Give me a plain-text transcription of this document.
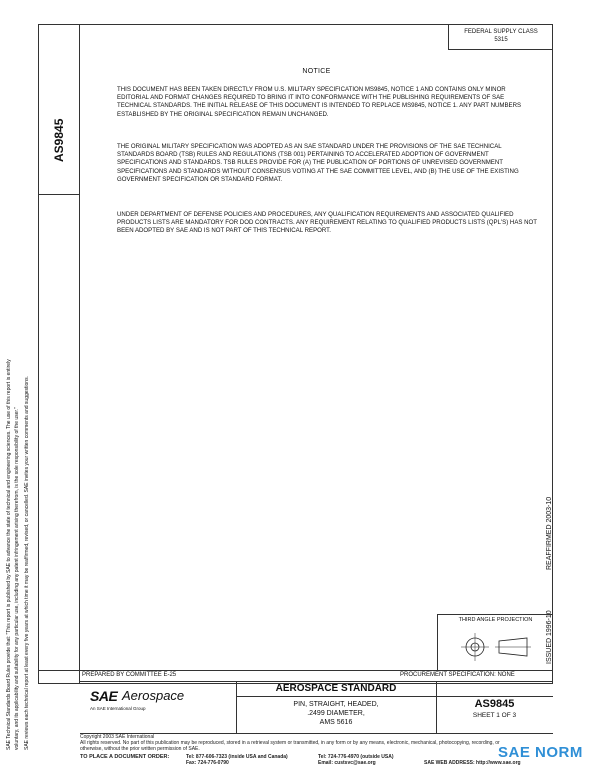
AS9845
SAE Technical Standards Board Rules provide that: "This report is published by SAE to advance the state of technical and engineering sciences. The use of this report is entirely voluntary, and its applicability and suitability for any particular use, including any patent infringement arising therefrom, is the sole responsibility of the user." SAE reviews each technical report at least every five years at which time it may be reaffirmed, revised, or cancelled. SAE invites your written comments and suggestions.	ISSUED 1996-10
REAFFIRMED 2003-10
FEDERAL SUPPLY CLASS
5315
NOTICE
THIS DOCUMENT HAS BEEN TAKEN DIRECTLY FROM U.S. MILITARY SPECIFICATION MS9845, NOTICE 1 AND CONTAINS ONLY MINOR EDITORIAL AND FORMAT CHANGES REQUIRED TO BRING IT INTO CONFORMANCE WITH THE PUBLISHING REQUIREMENTS OF SAE TECHNICAL STANDARDS. THE INITIAL RELEASE OF THIS DOCUMENT IS INTENDED TO REPLACE MS9845, NOTICE 1. ANY PART NUMBERS ESTABLISHED BY THE ORIGINAL SPECIFICATION REMAIN UNCHANGED.
THE ORIGINAL MILITARY SPECIFICATION WAS ADOPTED AS AN SAE STANDARD UNDER THE PROVISIONS OF THE SAE TECHNICAL STANDARDS BOARD (TSB) RULES AND REGULATIONS (TSB 001) PERTAINING TO ACCELERATED ADOPTION OF GOVERNMENT SPECIFICATIONS AND STANDARDS. TSB RULES PROVIDE FOR (A) THE PUBLICATION OF PORTIONS OF UNREVISED GOVERNMENT SPECIFICATIONS AND STANDARDS WITHOUT CONSENSUS VOTING AT THE SAE COMMITTEE LEVEL, AND (B) THE USE OF THE EXISTING GOVERNMENT SPECIFICATION OR STANDARD FORMAT.
UNDER DEPARTMENT OF DEFENSE POLICIES AND PROCEDURES, ANY QUALIFICATION REQUIREMENTS AND ASSOCIATED QUALIFIED PRODUCTS LISTS ARE MANDATORY FOR DOD CONTRACTS. ANY REQUIREMENT RELATING TO QUALIFIED PRODUCTS LISTS (QPL'S) HAS NOT BEEN ADOPTED BY SAE AND IS NOT PART OF THIS TECHNICAL REPORT.
THIRD ANGLE PROJECTION
PREPARED BY COMMITTEE E-25	PROCUREMENT SPECIFICATION: NONE
SAE Aerospace
An SAE International Group
AEROSPACE STANDARD
PIN, STRAIGHT, HEADED,
.2499 DIAMETER,
AMS 5616
AS9845
SHEET 1 OF 3
Copyright 2003 SAE International
All rights reserved. No part of this publication may be reproduced, stored in a retrieval system or transmitted, in any form or by any means, electronic, mechanical, photocopying, recording, or
otherwise, without the prior written permission of SAE.
TO PLACE A DOCUMENT ORDER:	Tel: 877-606-7323 (inside USA and Canada)
Fax: 724-776-0790
Tel: 724-776-4970 (outside USA)
Email: custsvc@sae.org	SAE WEB ADDRESS: http://www.sae.org
SAE NORM
